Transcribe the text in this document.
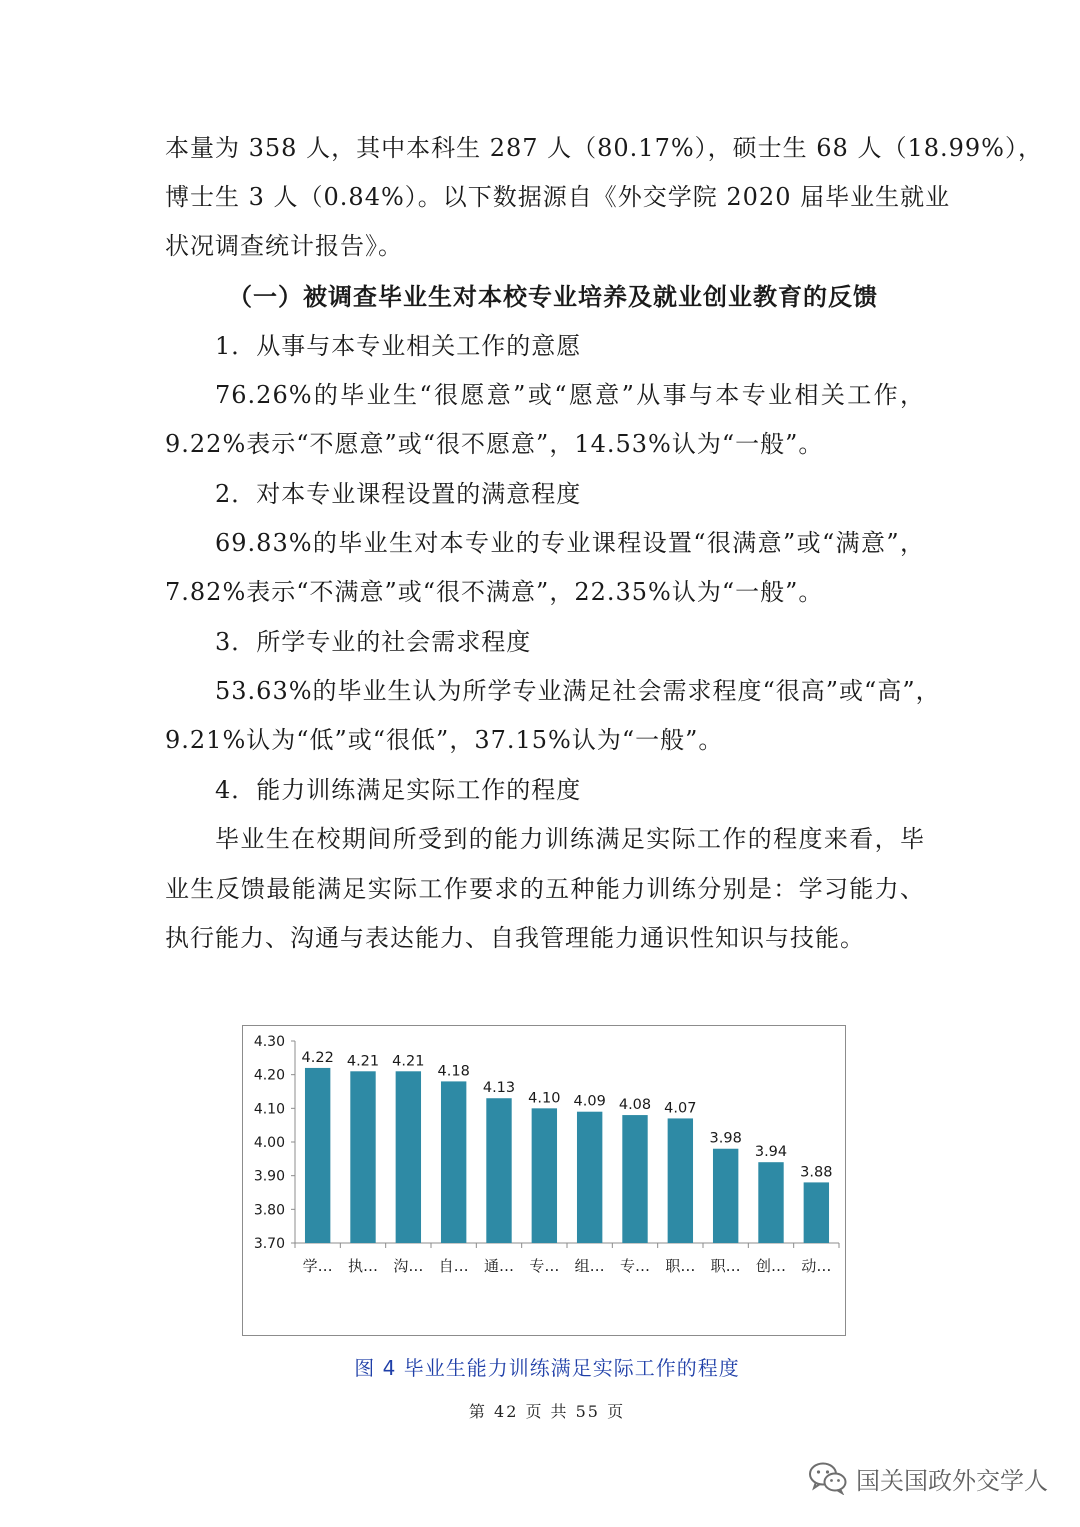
本量为 358 人，其中本科生 287 人（80.17%），硕士生 68 人（18.99%），
博士生 3 人（0.84%）。以下数据源自《外交学院 2020 届毕业生就业
状况调查统计报告》。
（一）被调查毕业生对本校专业培养及就业创业教育的反馈
1．从事与本专业相关工作的意愿
76.26%的毕业生“很愿意”或“愿意”从事与本专业相关工作，
9.22%表示“不愿意”或“很不愿意”，14.53%认为“一般”。
2．对本专业课程设置的满意程度
69.83%的毕业生对本专业的专业课程设置“很满意”或“满意”，
7.82%表示“不满意”或“很不满意”，22.35%认为“一般”。
3．所学专业的社会需求程度
53.63%的毕业生认为所学专业满足社会需求程度“很高”或“高”，
9.21%认为“低”或“很低”，37.15%认为“一般”。
4．能力训练满足实际工作的程度
毕业生在校期间所受到的能力训练满足实际工作的程度来看，毕
业生反馈最能满足实际工作要求的五种能力训练分别是：学习能力、
执行能力、沟通与表达能力、自我管理能力通识性知识与技能。
3.70
3.80
3.90
4.00
4.10
4.20
4.30
4.22
学…
4.21
执…
4.21
沟…
4.18
自…
4.13
通…
4.10
专…
4.09
组…
4.08
专…
4.07
职…
3.98
职…
3.94
创…
3.88
动…
图 4 毕业生能力训练满足实际工作的程度
第 42 页 共 55 页
国关国政外交学人
